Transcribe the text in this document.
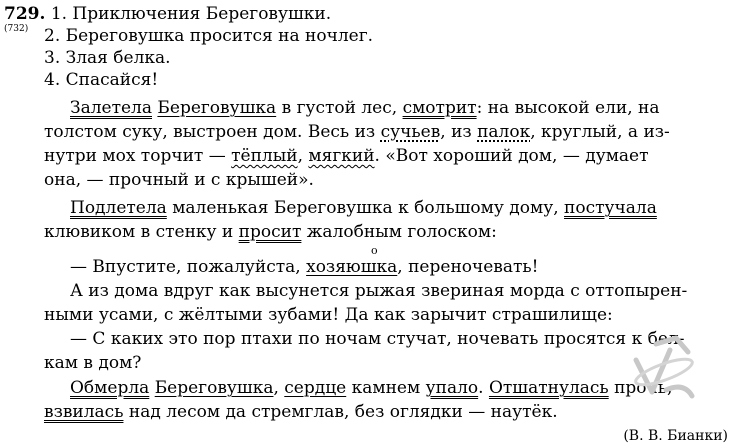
729. 1. Приключения Береговушки.
(732) 2. Береговушка просится на ночлег.
3. Злая белка.
4. Спасайся!
Залетела Береговушка в густой лес, смотрит: на высокой ели, на
толстом суку, выстроен дом. Весь из сучьев, из палок, круглый, а из-
нутри мох торчит — тёплый, мягкий. «Вот хороший дом, — думает
она, — прочный и с крышей».
Подлетела маленькая Береговушка к большому дому, постучала
клювиком в стенку и просит жалобным голоском:
о
— Впустите, пожалуйста, хозяюшка, переночевать!
А из дома вдруг как высунется рыжая звериная морда с оттопырен-
ными усами, с жёлтыми зубами! Да как зарычит страшилище:
— С каких это пор птахи по ночам стучат, ночевать просятся к бел-
кам в дом?
Обмерла Береговушка, сердце камнем упало. Отшатнулась прочь,
взвилась над лесом да стремглав, без оглядки — наутёк.
(В. В. Бианки)
